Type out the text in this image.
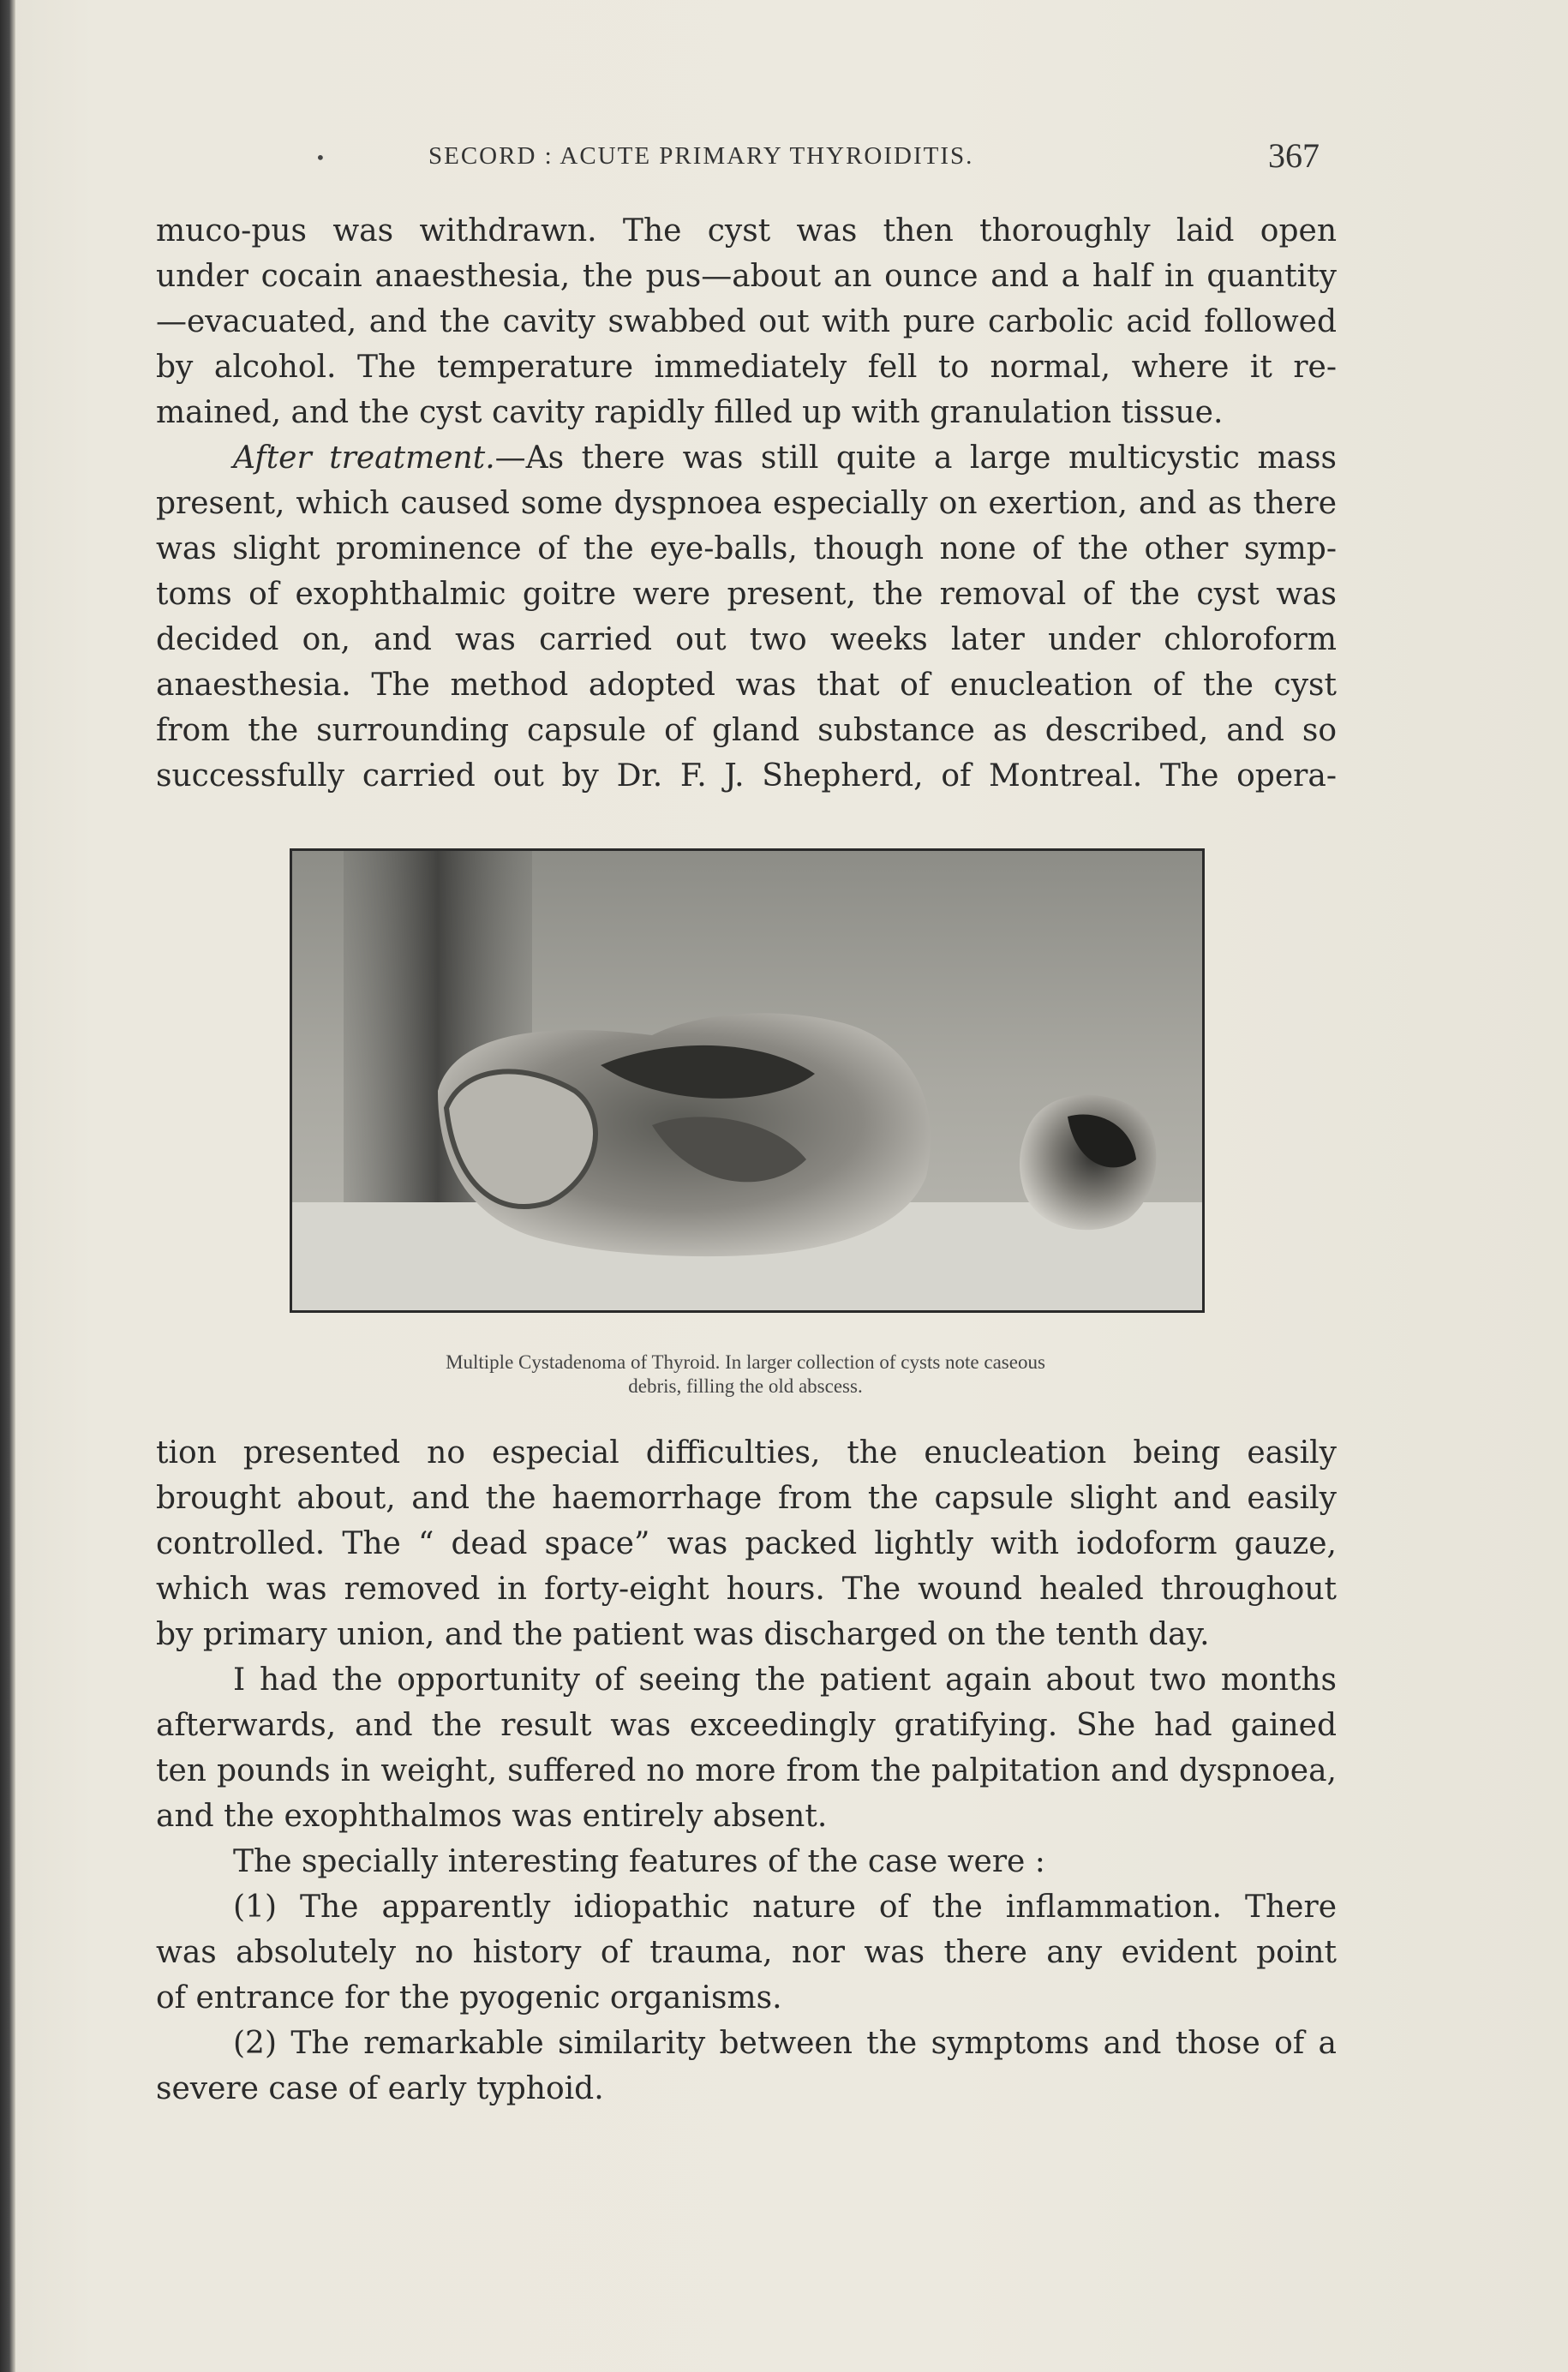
•	SECORD : ACUTE PRIMARY THYROIDITIS.	367
muco-pus was withdrawn. The cyst was then thoroughly laid open
under cocain anaesthesia, the pus—about an ounce and a half in quantity
—evacuated, and the cavity swabbed out with pure carbolic acid followed
by alcohol. The temperature immediately fell to normal, where it re-
mained, and the cyst cavity rapidly filled up with granulation tissue.
After treatment.—As there was still quite a large multicystic mass
present, which caused some dyspnoea especially on exertion, and as there
was slight prominence of the eye-balls, though none of the other symp-
toms of exophthalmic goitre were present, the removal of the cyst was
decided on, and was carried out two weeks later under chloroform
anaesthesia. The method adopted was that of enucleation of the cyst
from the surrounding capsule of gland substance as described, and so
successfully carried out by Dr. F. J. Shepherd, of Montreal. The opera-
Multiple Cystadenoma of Thyroid. In larger collection of cysts note caseous
debris, filling the old abscess.
tion presented no especial difficulties, the enucleation being easily
brought about, and the haemorrhage from the capsule slight and easily
controlled. The “ dead space” was packed lightly with iodoform gauze,
which was removed in forty-eight hours. The wound healed throughout
by primary union, and the patient was discharged on the tenth day.
I had the opportunity of seeing the patient again about two months
afterwards, and the result was exceedingly gratifying. She had gained
ten pounds in weight, suffered no more from the palpitation and dyspnoea,
and the exophthalmos was entirely absent.
The specially interesting features of the case were :
(1) The apparently idiopathic nature of the inflammation. There
was absolutely no history of trauma, nor was there any evident point
of entrance for the pyogenic organisms.
(2) The remarkable similarity between the symptoms and those of a
severe case of early typhoid.
